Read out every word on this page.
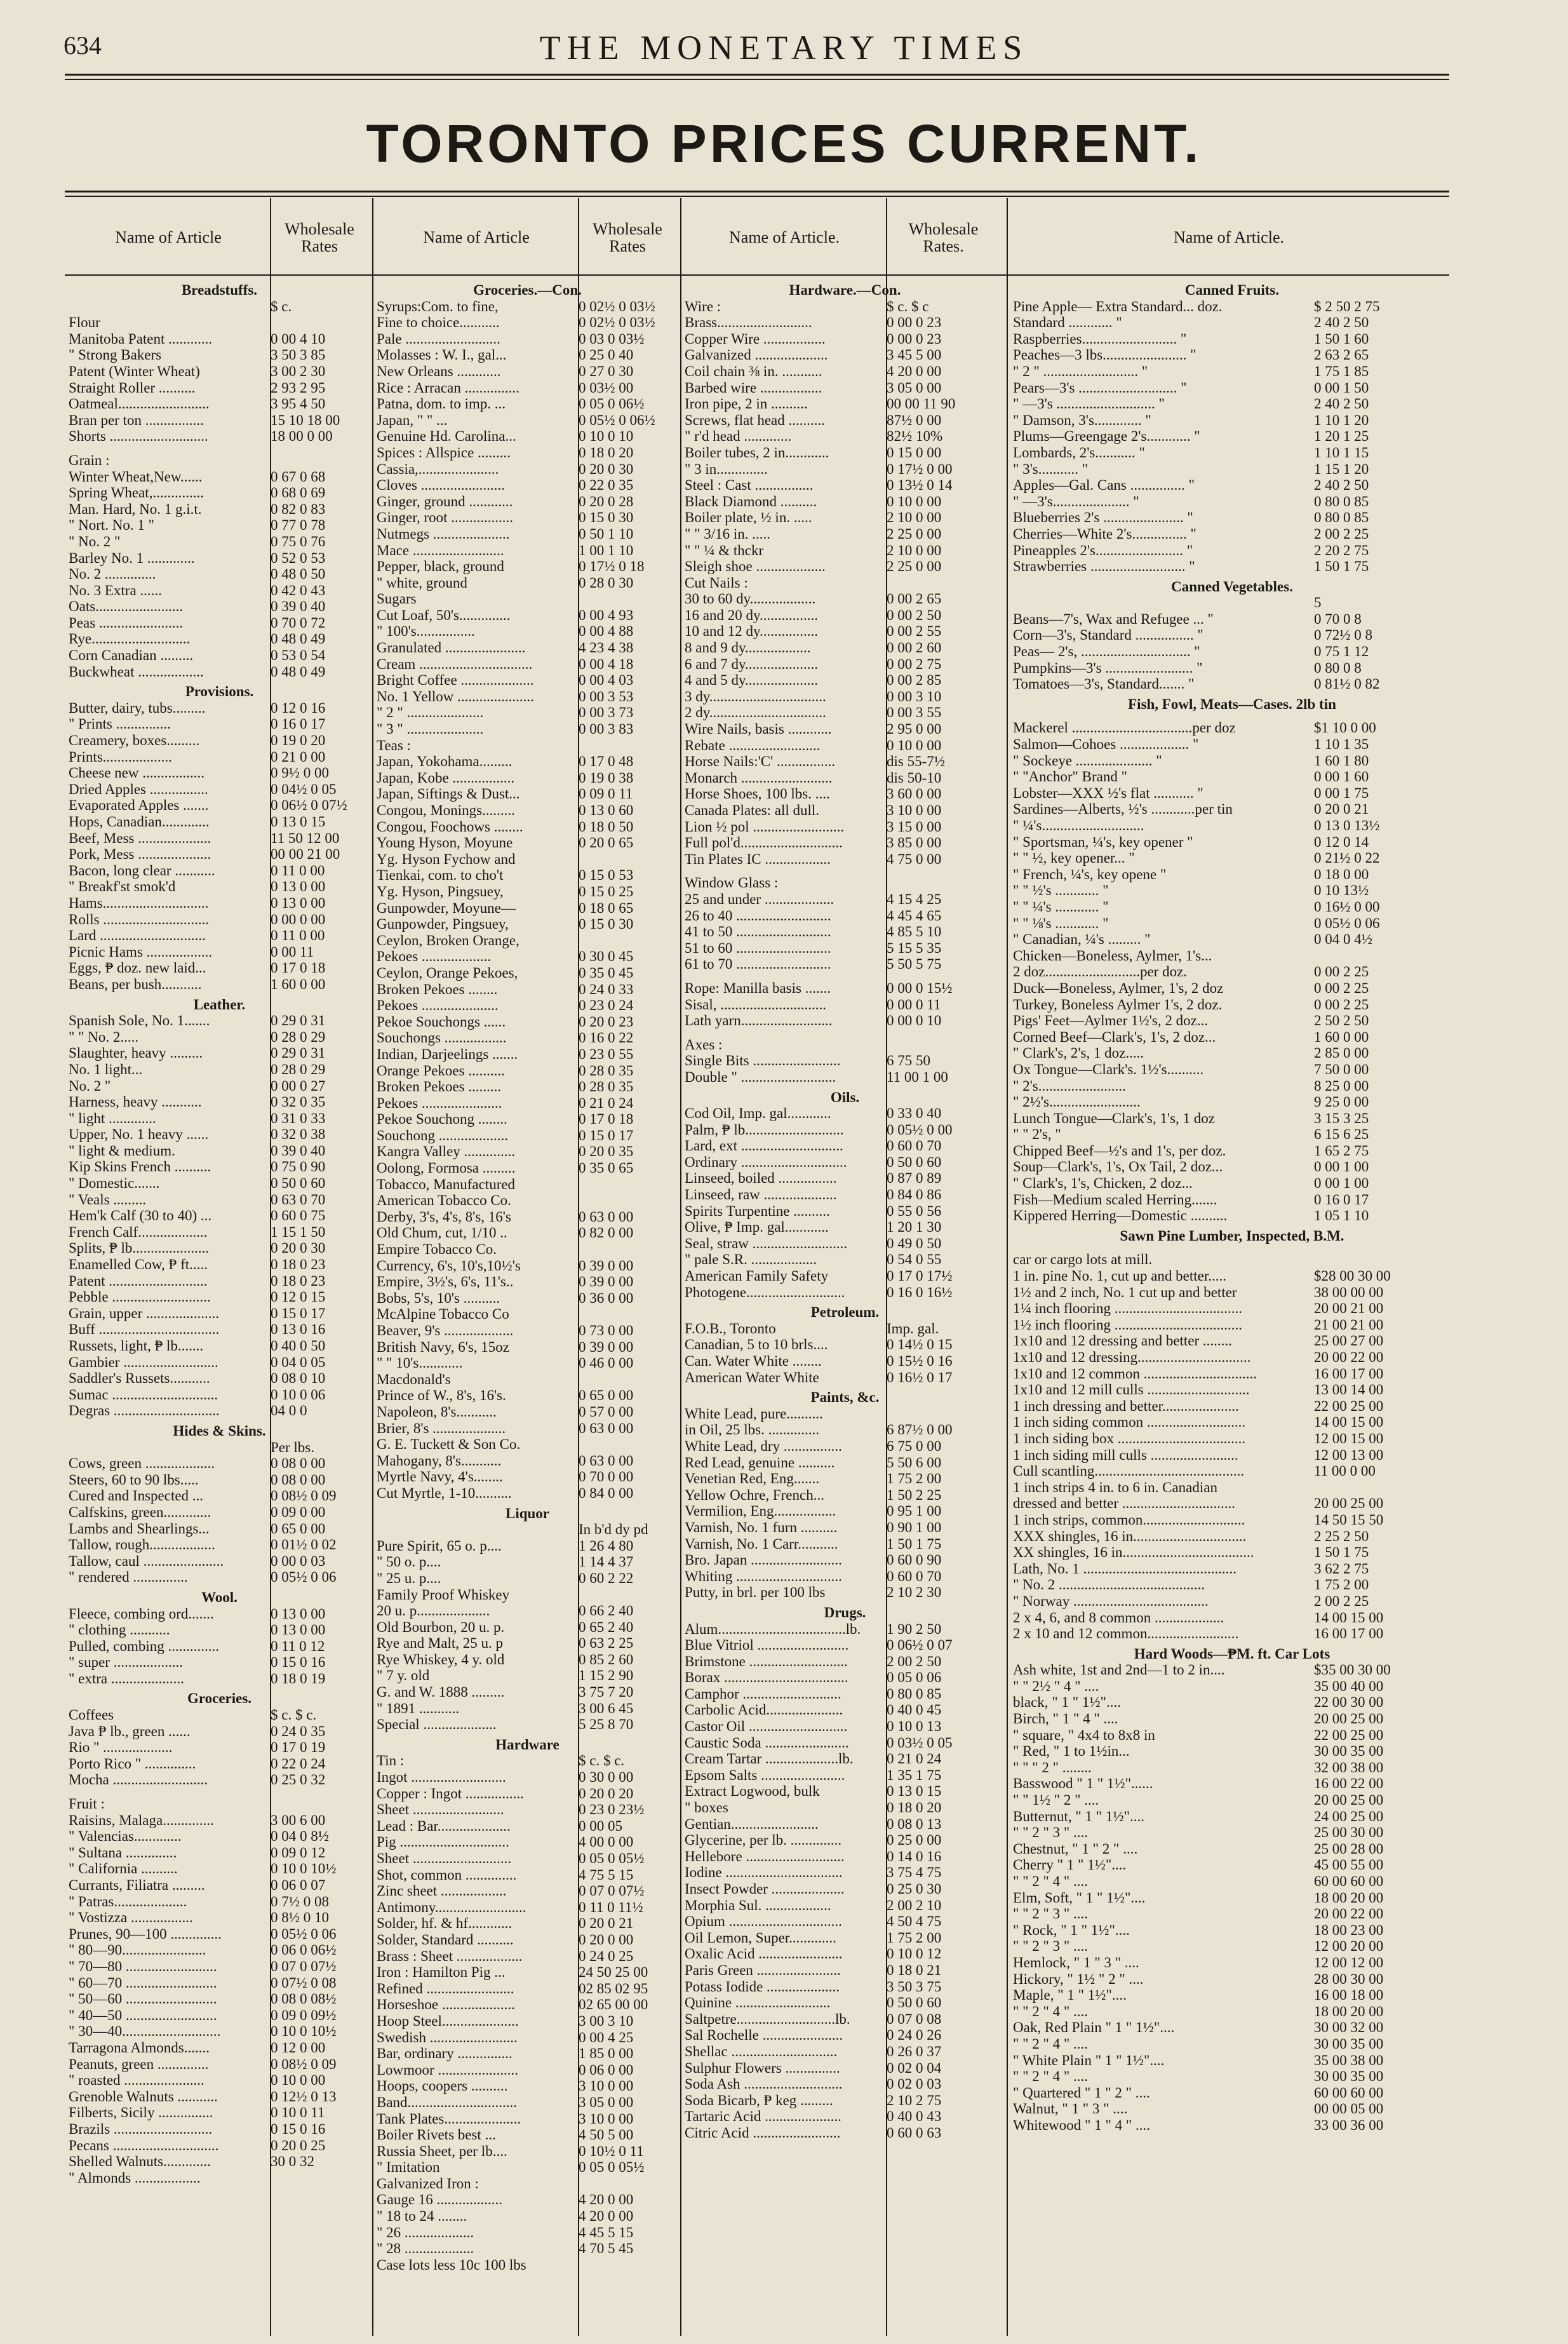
634	THE MONETARY TIMES
TORONTO PRICES CURRENT.
Name of Article	Wholesale Rates	Name of Article	Wholesale Rates	Name of Article.	Wholesale Rates.	Name of Article.
Breadstuffs.
$ c.
Flour
Manitoba Patent ............	0 00 4 10
" Strong Bakers	3 50 3 85
Patent (Winter Wheat)	3 00 2 30
Straight Roller ..........	2 93 2 95
Oatmeal.........................	3 95 4 50
Bran per ton ................	15 10 18 00
Shorts ...........................	18 00 0 00
Grain :
Winter Wheat,New......	0 67 0 68
Spring Wheat,..............	0 68 0 69
Man. Hard, No. 1 g.i.t.	0 82 0 83
" Nort. No. 1 "	0 77 0 78
" No. 2 "	0 75 0 76
Barley No. 1 .............	0 52 0 53
No. 2 ..............	0 48 0 50
No. 3 Extra ......	0 42 0 43
Oats........................	0 39 0 40
Peas .......................	0 70 0 72
Rye...........................	0 48 0 49
Corn Canadian .........	0 53 0 54
Buckwheat ..................	0 48 0 49
Provisions.
Butter, dairy, tubs.........	0 12 0 16
" Prints ...............	0 16 0 17
Creamery, boxes.........	0 19 0 20
Prints...................	0 21 0 00
Cheese new .................	0 9½ 0 00
Dried Apples ................	0 04½ 0 05
Evaporated Apples .......	0 06½ 0 07½
Hops, Canadian.............	0 13 0 15
Beef, Mess ....................	11 50 12 00
Pork, Mess ....................	00 00 21 00
Bacon, long clear ...........	0 11 0 00
" Breakf'st smok'd	0 13 0 00
Hams.............................	0 13 0 00
Rolls .............................	0 00 0 00
Lard .............................	0 11 0 00
Picnic Hams ..................	0 00 11
Eggs, ₱ doz. new laid...	0 17 0 18
Beans, per bush...........	1 60 0 00
Leather.
Spanish Sole, No. 1.......	0 29 0 31
" " No. 2.....	0 28 0 29
Slaughter, heavy .........	0 29 0 31
No. 1 light...	0 28 0 29
No. 2 "	0 00 0 27
Harness, heavy ...........	0 32 0 35
" light .............	0 31 0 33
Upper, No. 1 heavy ......	0 32 0 38
" light & medium.	0 39 0 40
Kip Skins French ..........	0 75 0 90
" Domestic.......	0 50 0 60
" Veals .........	0 63 0 70
Hem'k Calf (30 to 40) ...	0 60 0 75
French Calf...................	1 15 1 50
Splits, ₱ lb.....................	0 20 0 30
Enamelled Cow, ₱ ft.....	0 18 0 23
Patent ...........................	0 18 0 23
Pebble ...........................	0 12 0 15
Grain, upper ....................	0 15 0 17
Buff .................................	0 13 0 16
Russets, light, ₱ lb.......	0 40 0 50
Gambier ..........................	0 04 0 05
Saddler's Russets...........	0 08 0 10
Sumac .............................	0 10 0 06
Degras .............................	04 0 0
Hides & Skins.
Per lbs.
Cows, green ...................	0 08 0 00
Steers, 60 to 90 lbs.....	0 08 0 00
Cured and Inspected ...	0 08½ 0 09
Calfskins, green.............	0 09 0 00
Lambs and Shearlings...	0 65 0 00
Tallow, rough..................	0 01½ 0 02
Tallow, caul ......................	0 00 0 03
" rendered ...............	0 05½ 0 06
Wool.
Fleece, combing ord.......	0 13 0 00
" clothing ...........	0 13 0 00
Pulled, combing ..............	0 11 0 12
" super ...................	0 15 0 16
" extra ....................	0 18 0 19
Groceries.
Coffees	$ c. $ c.
Java ₱ lb., green ......	0 24 0 35
Rio " ...................	0 17 0 19
Porto Rico " ..............	0 22 0 24
Mocha ..........................	0 25 0 32
Fruit :
Raisins, Malaga..............	3 00 6 00
" Valencias.............	0 04 0 8½
" Sultana ..............	0 09 0 12
" California ..........	0 10 0 10½
Currants, Filiatra .........	0 06 0 07
" Patras....................	0 7½ 0 08
" Vostizza .................	0 8½ 0 10
Prunes, 90—100 ..............	0 05½ 0 06
" 80—90.......................	0 06 0 06½
" 70—80 .........................	0 07 0 07½
" 60—70 .........................	0 07½ 0 08
" 50—60 .........................	0 08 0 08½
" 40—50 .........................	0 09 0 09½
" 30—40...........................	0 10 0 10½
Tarragona Almonds.......	0 12 0 00
Peanuts, green ..............	0 08½ 0 09
" roasted ......................	0 10 0 00
Grenoble Walnuts ...........	0 12½ 0 13
Filberts, Sicily ...............	0 10 0 11
Brazils ...........................	0 15 0 16
Pecans .............................	0 20 0 25
Shelled Walnuts.............	30 0 32
" Almonds ..................
Groceries.—Con.
Syrups:Com. to fine,	0 02½ 0 03½
Fine to choice...........	0 02½ 0 03½
Pale ..........................	0 03 0 03½
Molasses : W. I., gal...	0 25 0 40
New Orleans ............	0 27 0 30
Rice : Arracan ...............	0 03½ 00
Patna, dom. to imp. ...	0 05 0 06½
Japan, " " ...	0 05½ 0 06½
Genuine Hd. Carolina...	0 10 0 10
Spices : Allspice .........	0 18 0 20
Cassia,......................	0 20 0 30
Cloves .......................	0 22 0 35
Ginger, ground ............	0 20 0 28
Ginger, root .................	0 15 0 30
Nutmegs .....................	0 50 1 10
Mace .........................	1 00 1 10
Pepper, black, ground	0 17½ 0 18
" white, ground	0 28 0 30
Sugars
Cut Loaf, 50's..............	0 00 4 93
" 100's................	0 00 4 88
Granulated ......................	4 23 4 38
Cream ...............................	0 00 4 18
Bright Coffee ....................	0 00 4 03
No. 1 Yellow .....................	0 00 3 53
" 2 " .....................	0 00 3 73
" 3 " .....................	0 00 3 83
Teas :
Japan, Yokohama.........	0 17 0 48
Japan, Kobe .................	0 19 0 38
Japan, Siftings & Dust...	0 09 0 11
Congou, Monings.........	0 13 0 60
Congou, Foochows ........	0 18 0 50
Young Hyson, Moyune	0 20 0 65
Yg. Hyson Fychow and
Tienkai, com. to cho't	0 15 0 53
Yg. Hyson, Pingsuey,	0 15 0 25
Gunpowder, Moyune—	0 18 0 65
Gunpowder, Pingsuey,	0 15 0 30
Ceylon, Broken Orange,
Pekoes ...................	0 30 0 45
Ceylon, Orange Pekoes,	0 35 0 45
Broken Pekoes ........	0 24 0 33
Pekoes .....................	0 23 0 24
Pekoe Souchongs ......	0 20 0 23
Souchongs .................	0 16 0 22
Indian, Darjeelings .......	0 23 0 55
Orange Pekoes ..........	0 28 0 35
Broken Pekoes .........	0 28 0 35
Pekoes ......................	0 21 0 24
Pekoe Souchong ........	0 17 0 18
Souchong ...................	0 15 0 17
Kangra Valley ..............	0 20 0 35
Oolong, Formosa .........	0 35 0 65
Tobacco, Manufactured
American Tobacco Co.
Derby, 3's, 4's, 8's, 16's	0 63 0 00
Old Chum, cut, 1/10 ..	0 82 0 00
Empire Tobacco Co.
Currency, 6's, 10's,10½'s	0 39 0 00
Empire, 3½'s, 6's, 11's..	0 39 0 00
Bobs, 5's, 10's ..........	0 36 0 00
McAlpine Tobacco Co
Beaver, 9's ...................	0 73 0 00
British Navy, 6's, 15oz	0 39 0 00
" " 10's............	0 46 0 00
Macdonald's
Prince of W., 8's, 16's.	0 65 0 00
Napoleon, 8's...........	0 57 0 00
Brier, 8's ....................	0 63 0 00
G. E. Tuckett & Son Co.
Mahogany, 8's...........	0 63 0 00
Myrtle Navy, 4's........	0 70 0 00
Cut Myrtle, 1-10..........	0 84 0 00
Liquor
In b'd dy pd
Pure Spirit, 65 o. p....	1 26 4 80
" 50 o. p....	1 14 4 37
" 25 u. p....	0 60 2 22
Family Proof Whiskey
20 u. p....................	0 66 2 40
Old Bourbon, 20 u. p.	0 65 2 40
Rye and Malt, 25 u. p	0 63 2 25
Rye Whiskey, 4 y. old	0 85 2 60
" 7 y. old	1 15 2 90
G. and W. 1888 .........	3 75 7 20
" 1891 ...........	3 00 6 45
Special ....................	5 25 8 70
Hardware
Tin :	$ c. $ c.
Ingot ..........................	0 30 0 00
Copper : Ingot ................	0 20 0 20
Sheet .........................	0 23 0 23½
Lead : Bar....................	0 00 05
Pig ..............................	4 00 0 00
Sheet ...........................	0 05 0 05½
Shot, common ..............	4 75 5 15
Zinc sheet ..................	0 07 0 07½
Antimony.........................	0 11 0 11½
Solder, hf. & hf............	0 20 0 21
Solder, Standard ..........	0 20 0 00
Brass : Sheet ..................	0 24 0 25
Iron : Hamilton Pig ...	24 50 25 00
Refined ........................	02 85 02 95
Horseshoe ....................	02 65 00 00
Hoop Steel.....................	3 00 3 10
Swedish ........................	0 00 4 25
Bar, ordinary ...............	1 85 0 00
Lowmoor ......................	0 06 0 00
Hoops, coopers ..........	3 10 0 00
Band..............................	3 05 0 00
Tank Plates.....................	3 10 0 00
Boiler Rivets best ...	4 50 5 00
Russia Sheet, per lb....	0 10½ 0 11
" Imitation	0 05 0 05½
Galvanized Iron :
Gauge 16 ..................	4 20 0 00
" 18 to 24 ........	4 20 0 00
" 26 ...................	4 45 5 15
" 28 ...................	4 70 5 45
Case lots less 10c 100 lbs
Hardware.—Con.
Wire :	$ c. $ c
Brass..........................	0 00 0 23
Copper Wire .................	0 00 0 23
Galvanized ....................	3 45 5 00
Coil chain ⅜ in. ...........	4 20 0 00
Barbed wire .................	3 05 0 00
Iron pipe, 2 in ..........	00 00 11 90
Screws, flat head ..........	87½ 0 00
" r'd head .............	82½ 10%
Boiler tubes, 2 in............	0 15 0 00
" 3 in..............	0 17½ 0 00
Steel : Cast ................	0 13½ 0 14
Black Diamond ..........	0 10 0 00
Boiler plate, ½ in. .....	2 10 0 00
" " 3/16 in. .....	2 25 0 00
" " ¼ & thckr	2 10 0 00
Sleigh shoe ...................	2 25 0 00
Cut Nails :
30 to 60 dy..................	0 00 2 65
16 and 20 dy................	0 00 2 50
10 and 12 dy................	0 00 2 55
8 and 9 dy..................	0 00 2 60
6 and 7 dy....................	0 00 2 75
4 and 5 dy....................	0 00 2 85
3 dy................................	0 00 3 10
2 dy................................	0 00 3 55
Wire Nails, basis ............	2 95 0 00
Rebate .........................	0 10 0 00
Horse Nails:'C' ................	dis 55-7½
Monarch .........................	dis 50-10
Horse Shoes, 100 lbs. ....	3 60 0 00
Canada Plates: all dull.	3 10 0 00
Lion ½ pol .........................	3 15 0 00
Full pol'd............................	3 85 0 00
Tin Plates IC ..................	4 75 0 00
Window Glass :
25 and under ...................	4 15 4 25
26 to 40 ..........................	4 45 4 65
41 to 50 ..........................	4 85 5 10
51 to 60 ..........................	5 15 5 35
61 to 70 ..........................	5 50 5 75
Rope: Manilla basis .......	0 00 0 15½
Sisal, .............................	0 00 0 11
Lath yarn.........................	0 00 0 10
Axes :
Single Bits ........................	6 75 50
Double " ..........................	11 00 1 00
Oils.
Cod Oil, Imp. gal............	0 33 0 40
Palm, ₱ lb...........................	0 05½ 0 00
Lard, ext ............................	0 60 0 70
Ordinary .............................	0 50 0 60
Linseed, boiled ................	0 87 0 89
Linseed, raw ....................	0 84 0 86
Spirits Turpentine ..........	0 55 0 56
Olive, ₱ Imp. gal............	1 20 1 30
Seal, straw ..........................	0 49 0 50
" pale S.R. ..................	0 54 0 55
American Family Safety	0 17 0 17½
Photogene...........................	0 16 0 16½
Petroleum.
F.O.B., Toronto	Imp. gal.
Canadian, 5 to 10 brls....	0 14½ 0 15
Can. Water White ........	0 15½ 0 16
American Water White	0 16½ 0 17
Paints, &c.
White Lead, pure..........
in Oil, 25 lbs. ..............	6 87½ 0 00
White Lead, dry ................	6 75 0 00
Red Lead, genuine ..........	5 50 6 00
Venetian Red, Eng.......	1 75 2 00
Yellow Ochre, French...	1 50 2 25
Vermilion, Eng.................	0 95 1 00
Varnish, No. 1 furn ..........	0 90 1 00
Varnish, No. 1 Carr...........	1 50 1 75
Bro. Japan .........................	0 60 0 90
Whiting .............................	0 60 0 70
Putty, in brl. per 100 lbs	2 10 2 30
Drugs.
Alum...................................lb.	1 90 2 50
Blue Vitriol .........................	0 06½ 0 07
Brimstone ...........................	2 00 2 50
Borax ..................................	0 05 0 06
Camphor ...........................	0 80 0 85
Carbolic Acid.....................	0 40 0 45
Castor Oil ...........................	0 10 0 13
Caustic Soda .......................	0 03½ 0 05
Cream Tartar ....................lb.	0 21 0 24
Epsom Salts .......................	1 35 1 75
Extract Logwood, bulk	0 13 0 15
" boxes	0 18 0 20
Gentian........................	0 08 0 13
Glycerine, per lb. ..............	0 25 0 00
Hellebore ...........................	0 14 0 16
Iodine ................................	3 75 4 75
Insect Powder ....................	0 25 0 30
Morphia Sul. ..................	2 00 2 10
Opium ...............................	4 50 4 75
Oil Lemon, Super.............	1 75 2 00
Oxalic Acid .......................	0 10 0 12
Paris Green .......................	0 18 0 21
Potass Iodide ....................	3 50 3 75
Quinine ..........................	0 50 0 60
Saltpetre...........................lb.	0 07 0 08
Sal Rochelle ......................	0 24 0 26
Shellac .............................	0 26 0 37
Sulphur Flowers ...............	0 02 0 04
Soda Ash ...........................	0 02 0 03
Soda Bicarb, ₱ keg .........	2 10 2 75
Tartaric Acid .....................	0 40 0 43
Citric Acid ........................	0 60 0 63
Canned Fruits.
Pine Apple— Extra Standard... doz.	$ 2 50 2 75
Standard ............ "	2 40 2 50
Raspberries.......................... "	1 50 1 60
Peaches—3 lbs....................... "	2 63 2 65
" 2 " .......................... "	1 75 1 85
Pears—3's ........................... "	0 00 1 50
" —3's ........................... "	2 40 2 50
" Damson, 3's............. "	1 10 1 20
Plums—Greengage 2's............ "	1 20 1 25
Lombards, 2's........... "	1 10 1 15
" 3's........... "	1 15 1 20
Apples—Gal. Cans ............... "	2 40 2 50
" —3's..................... "	0 80 0 85
Blueberries 2's ...................... "	0 80 0 85
Cherries—White 2's............... "	2 00 2 25
Pineapples 2's........................ "	2 20 2 75
Strawberries .......................... "	1 50 1 75
Canned Vegetables.
5
Beans—7's, Wax and Refugee ... "	0 70 0 8
Corn—3's, Standard ................ "	0 72½ 0 8
Peas— 2's, .............................. "	0 75 1 12
Pumpkins—3's ........................ "	0 80 0 8
Tomatoes—3's, Standard....... "	0 81½ 0 82
Fish, Fowl, Meats—Cases. 2lb tin
Mackerel .................................per doz	$1 10 0 00
Salmon—Cohoes ................... "	1 10 1 35
" Sockeye ..................... "	1 60 1 80
" "Anchor" Brand "	0 00 1 60
Lobster—XXX ½'s flat ........... "	0 00 1 75
Sardines—Alberts, ½'s ............per tin	0 20 0 21
" ¼'s............................	0 13 0 13½
" Sportsman, ¼'s, key opener "	0 12 0 14
" " ½, key opener... "	0 21½ 0 22
" French, ¼'s, key opene "	0 18 0 00
" " ½'s ............ "	0 10 13½
" " ¼'s ............ "	0 16½ 0 00
" " ⅛'s ............ "	0 05½ 0 06
" Canadian, ¼'s ......... "	0 04 0 4½
Chicken—Boneless, Aylmer, 1's...
2 doz..........................per doz.	0 00 2 25
Duck—Boneless, Aylmer, 1's, 2 doz	0 00 2 25
Turkey, Boneless Aylmer 1's, 2 doz.	0 00 2 25
Pigs' Feet—Aylmer 1½'s, 2 doz...	2 50 2 50
Corned Beef—Clark's, 1's, 2 doz...	1 60 0 00
" Clark's, 2's, 1 doz.....	2 85 0 00
Ox Tongue—Clark's. 1½'s..........	7 50 0 00
" 2's........................	8 25 0 00
" 2½'s.........................	9 25 0 00
Lunch Tongue—Clark's, 1's, 1 doz	3 15 3 25
" " 2's, "	6 15 6 25
Chipped Beef—½'s and 1's, per doz.	1 65 2 75
Soup—Clark's, 1's, Ox Tail, 2 doz...	0 00 1 00
" Clark's, 1's, Chicken, 2 doz...	0 00 1 00
Fish—Medium scaled Herring.......	0 16 0 17
Kippered Herring—Domestic ..........	1 05 1 10
Sawn Pine Lumber, Inspected, B.M.
car or cargo lots at mill.
1 in. pine No. 1, cut up and better.....	$28 00 30 00
1½ and 2 inch, No. 1 cut up and better	38 00 00 00
1¼ inch flooring ...................................	20 00 21 00
1½ inch flooring ...................................	21 00 21 00
1x10 and 12 dressing and better ........	25 00 27 00
1x10 and 12 dressing...............................	20 00 22 00
1x10 and 12 common ...............................	16 00 17 00
1x10 and 12 mill culls ............................	13 00 14 00
1 inch dressing and better.....................	22 00 25 00
1 inch siding common ...........................	14 00 15 00
1 inch siding box ...................................	12 00 15 00
1 inch siding mill culls ........................	12 00 13 00
Cull scantling.........................................	11 00 0 00
1 inch strips 4 in. to 6 in. Canadian
dressed and better ...............................	20 00 25 00
1 inch strips, common............................	14 50 15 50
XXX shingles, 16 in...............................	2 25 2 50
XX shingles, 16 in....................................	1 50 1 75
Lath, No. 1 ..........................................	3 62 2 75
" No. 2 ........................................	1 75 2 00
" Norway .....................................	2 00 2 25
2 x 4, 6, and 8 common ...................	14 00 15 00
2 x 10 and 12 common.........................	16 00 17 00
Hard Woods—₱M. ft. Car Lots
Ash white, 1st and 2nd—1 to 2 in....	$35 00 30 00
" " 2½ " 4 " ....	35 00 40 00
black, " 1 " 1½"....	22 00 30 00
Birch, " 1 " 4 " ....	20 00 25 00
" square, " 4x4 to 8x8 in	22 00 25 00
" Red, " 1 to 1½in...	30 00 35 00
" " " 2 " ........	32 00 38 00
Basswood " 1 " 1½"......	16 00 22 00
" " 1½ " 2 " ....	20 00 25 00
Butternut, " 1 " 1½"....	24 00 25 00
" " 2 " 3 " ....	25 00 30 00
Chestnut, " 1 " 2 " ....	25 00 28 00
Cherry " 1 " 1½"....	45 00 55 00
" " 2 " 4 " ....	60 00 60 00
Elm, Soft, " 1 " 1½"....	18 00 20 00
" " 2 " 3 " ....	20 00 22 00
" Rock, " 1 " 1½"....	18 00 23 00
" " 2 " 3 " ....	12 00 20 00
Hemlock, " 1 " 3 " ....	12 00 12 00
Hickory, " 1½ " 2 " ....	28 00 30 00
Maple, " 1 " 1½"....	16 00 18 00
" " 2 " 4 " ....	18 00 20 00
Oak, Red Plain " 1 " 1½"....	30 00 32 00
" " 2 " 4 " ....	30 00 35 00
" White Plain " 1 " 1½"....	35 00 38 00
" " 2 " 4 " ....	30 00 35 00
" Quartered " 1 " 2 " ....	60 00 60 00
Walnut, " 1 " 3 " ....	00 00 05 00
Whitewood " 1 " 4 " ....	33 00 36 00
